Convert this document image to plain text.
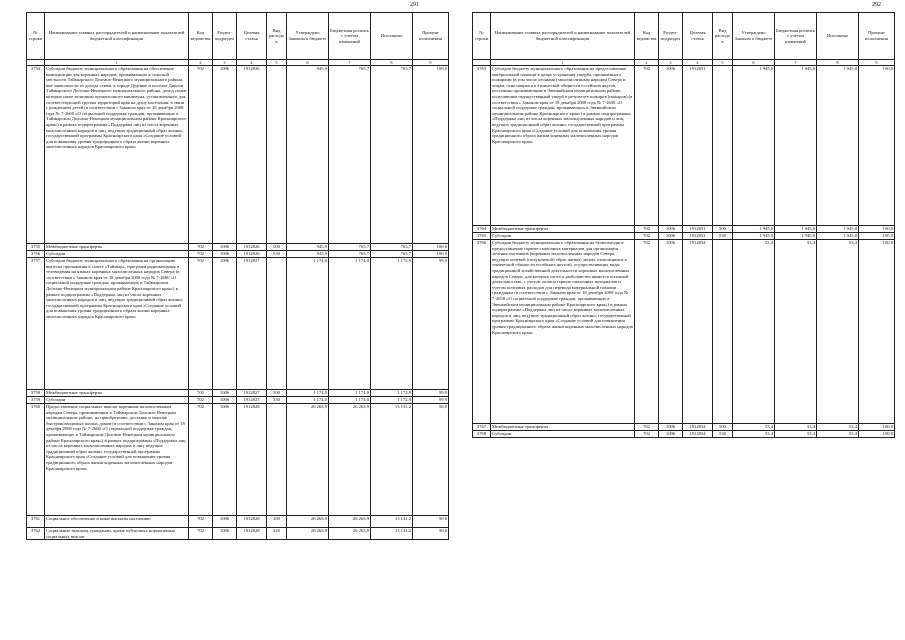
291
№ строки	Наименование главных распорядителей и наименование показателей бюджетной классификации	Код ведомства	Раздел-подраздел	Целевая статья	Вид расходов	Утверждено Законом о бюджете	Бюджетная роспись с учетом изменений	Исполнено	Процент исполнения
	1	2	3	4	5	6	7	8	9
3754	Субсидия бюджету муниципального образования на обеспечение компенсации для коренных народов, проживающих в сельской местности Таймырского Долгано-Ненецкого муниципального района, вне зависимости от дохода семьи, в городе Дудинке и поселке Диксон Таймырского Долгано-Ненецкого муниципального района, доход семьи которых ниже величины прожиточного минимума, установленного для соответствующей группы территорий края на душу населения, в связи с рождением детей (в соответствии с Законом края от 18 декабря 2008 года № 7-2660 «О социальной поддержке граждан, проживающих в Таймырском Долгано-Ненецком муниципальном районе Красноярского края») в рамках подпрограммы «Поддержка лиц из числа коренных малочисленных народов и лиц, ведущих традиционный образ жизни» государственной программы Красноярского края «Создание условий для повышения уровня традиционного образа жизни коренных малочисленных народов Красноярского края»	702	1006	1912826		945,9	765,7	765,7	100,0
3755	Межбюджетные трансферты	702	1006	1912826	500	945,9	765,7	765,7	100,0
3756	Субсидии	702	1006	1912826	530	945,9	765,7	765,7	100,0
3757	Субсидия бюджету муниципального образования на организацию выпуска приложения к газете «Таймыр», программ радиовещания и телевидения на языках коренных малочисленных народов Севера (в соответствии с Законом края от 18 декабря 2008 года № 7-2660 «О социальной поддержке граждан, проживающих в Таймырском Долгано-Ненецком муниципальном районе Красноярского края») в рамках подпрограммы «Поддержка лиц из числа коренных малочисленных народов и лиц, ведущих традиционный образ жизни» государственной программы Красноярского края «Создание условий для повышения уровня традиционного образа жизни коренных малочисленных народов Красноярского края»	702	1006	1912827		1 174,0	1 174,0	1 172,9	99,9
3758	Межбюджетные трансферты	702	1006	1912827	500	1 174,0	1 174,0	1 172,9	99,9
3759	Субсидии	702	1006	1912827	530	1 174,0	1 174,0	1 172,9	99,9
3760	Предоставление социальных выплат коренным малочисленным народам Севера, проживающим в Таймырском Долгано-Ненецком муниципальном районе, на приобретение, доставку и монтаж быстровозводимых жилых домов (в соответствии с Законом края от 18 декабря 2008 года № 7-2660 «О социальной поддержке граждан, проживающих в Таймырском Долгано-Ненецком муниципальном районе Красноярского края») в рамках подпрограммы «Поддержка лиц из числа коренных малочисленных народов и лиц, ведущих традиционный образ жизни» государственной программы Красноярского края «Создание условий для повышения уровня традиционного образа жизни коренных малочисленных народов Красноярского края»	702	1006	1912828		26 263,9	26 263,9	13 131,2	50,0
3761	Социальное обеспечение и иные выплаты населению	702	1006	1912828	300	26 263,9	26 263,9	13 131,2	50,0
3762	Социальные выплаты гражданам, кроме публичных нормативных социальных выплат	702	1006	1912828	320	26 263,9	26 263,9	13 131,2	50,0
292
№ строки	Наименование главных распорядителей и наименование показателей бюджетной классификации	Код ведомства	Раздел-подраздел	Целевая статья	Вид расходов	Утверждено Законом о бюджете	Бюджетная роспись с учетом изменений	Исполнено	Процент исполнения
	1	2	3	4	5	6	7	8	9
3763	Субсидия бюджету муниципального образования на предоставление материальной помощи в целях устранения ущерба, причиненного пожарами (в том числе лесными) малочисленным народам Севера и лицам, относящимся к этнической общности ессейских якутов, постоянно проживающим в Эвенкийском муниципальном районе, получившим имущественный ущерб в результате пожаров (пожаров) (в соответствии с Законом края от 18 декабря 2008 года № 7-2658 «О социальной поддержке граждан, проживающих в Эвенкийском муниципальном районе Красноярского края») в рамках подпрограммы «Поддержка лиц из числа коренных малочисленных народов и лиц, ведущих традиционный образ жизни» государственной программы Красноярского края «Создание условий для повышения уровня традиционного образа жизни коренных малочисленных народов Красноярского края»	702	1006	1912831		1 945,0	1 945,0	1 945,0	100,0
3764	Межбюджетные трансферты	702	1006	1912831	500	1 945,0	1 945,0	1 945,0	100,0
3765	Субсидии	702	1006	1912831	530	1 945,0	1 945,0	1 945,0	100,0
3766	Субсидия бюджету муниципального образования на безвозмездное предоставление горюче-смазочных материалов для организации лечения охотников (коренных малочисленных народов Севера, ведущих кочевой (полукочевой) образ жизни) лицам, относящимся к этнической общности ессейских якутов), осуществляющих виды традиционной хозяйственной деятельности коренных малочисленных народов Севера, для которых охота и рыболовство является основной деятельностью, с учетом оплаты горюче-смазочных материалов и учетом почтовых расходов для перевода материальной помощи гражданам (в соответствии с Законом края от 18 декабря 2008 года № 7-2658 «О социальной поддержке граждан, проживающих в Эвенкийском муниципальном районе Красноярского края») в рамках подпрограммы «Поддержка лиц из числа коренных малочисленных народов и лиц, ведущих традиционный образ жизни» государственной программы Красноярского края «Создание условий для повышения уровня традиционного образа жизни коренных малочисленных народов Красноярского края»	702	1006	1912834		53,4	53,4	53,4	100,0
3767	Межбюджетные трансферты	702	1006	1912834	500	53,4	53,4	53,4	100,0
3768	Субсидии	702	1006	1912834	530	53,4	53,4	53,4	100,0
